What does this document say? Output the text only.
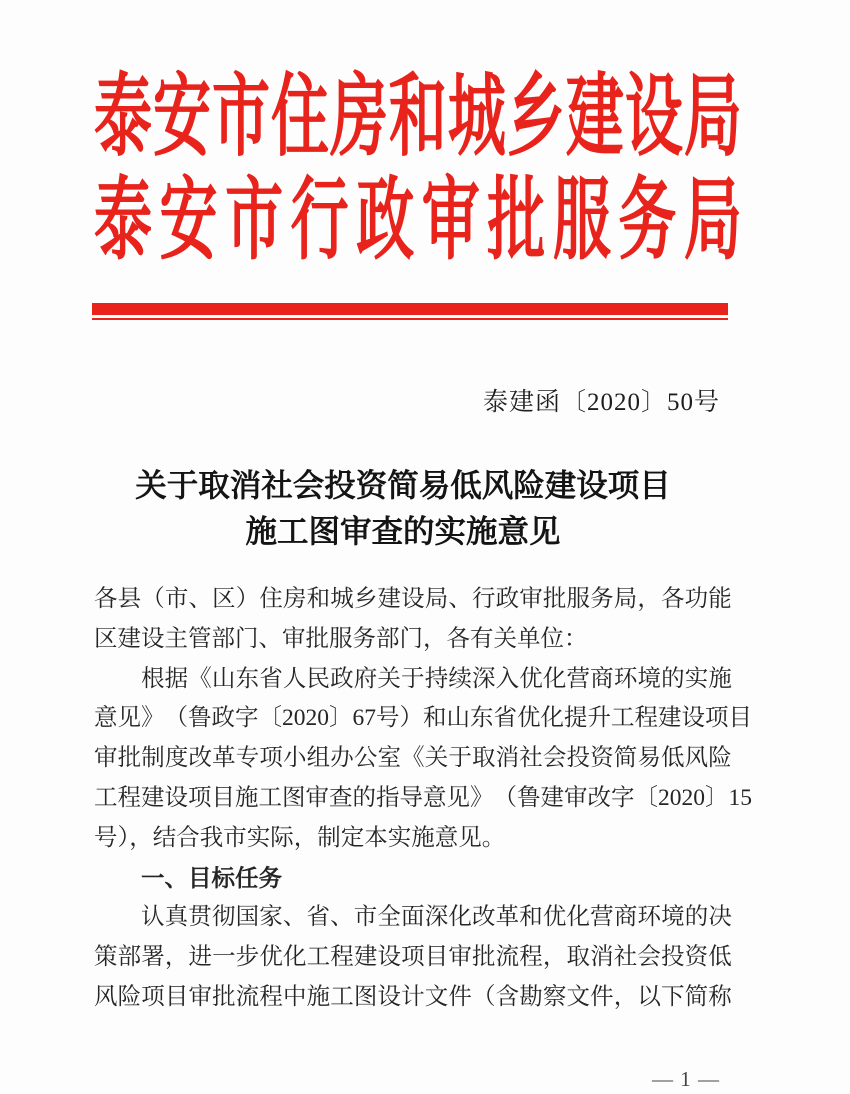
泰 安 市 住 房 和 城 乡 建 设 局
泰 安 市 行 政 审 批 服 务 局
泰建函〔2020〕50号
关于取消社会投资简易低风险建设项目
施工图审查的实施意见
各 县 （ 市 、 区 ） 住 房 和 城 乡 建 设 局 、 行 政 审 批 服 务 局 ， 各 功 能
区建设主管部门、审批服务部门，各有关单位：
根 据 《 山 东 省 人 民 政 府 关 于 持 续 深 入 优 化 营 商 环 境 的 实 施
意 见 》 （ 鲁 政 字 〔 2 0 2 0 〕 6 7 号 ） 和 山 东 省 优 化 提 升 工 程 建 设 项 目
审 批 制 度 改 革 专 项 小 组 办 公 室 《 关 于 取 消 社 会 投 资 简 易 低 风 险
工 程 建 设 项 目 施 工 图 审 查 的 指 导 意 见 》 （ 鲁 建 审 改 字 〔 2 0 2 0 〕 1 5
号），结合我市实际，制定本实施意见。
一、目标任务
认 真 贯 彻 国 家 、 省 、 市 全 面 深 化 改 革 和 优 化 营 商 环 境 的 决
策 部 署 ， 进 一 步 优 化 工 程 建 设 项 目 审 批 流 程 ， 取 消 社 会 投 资 低
风 险 项 目 审 批 流 程 中 施 工 图 设 计 文 件 （ 含 勘 察 文 件 ， 以 下 简 称
— 1 —
